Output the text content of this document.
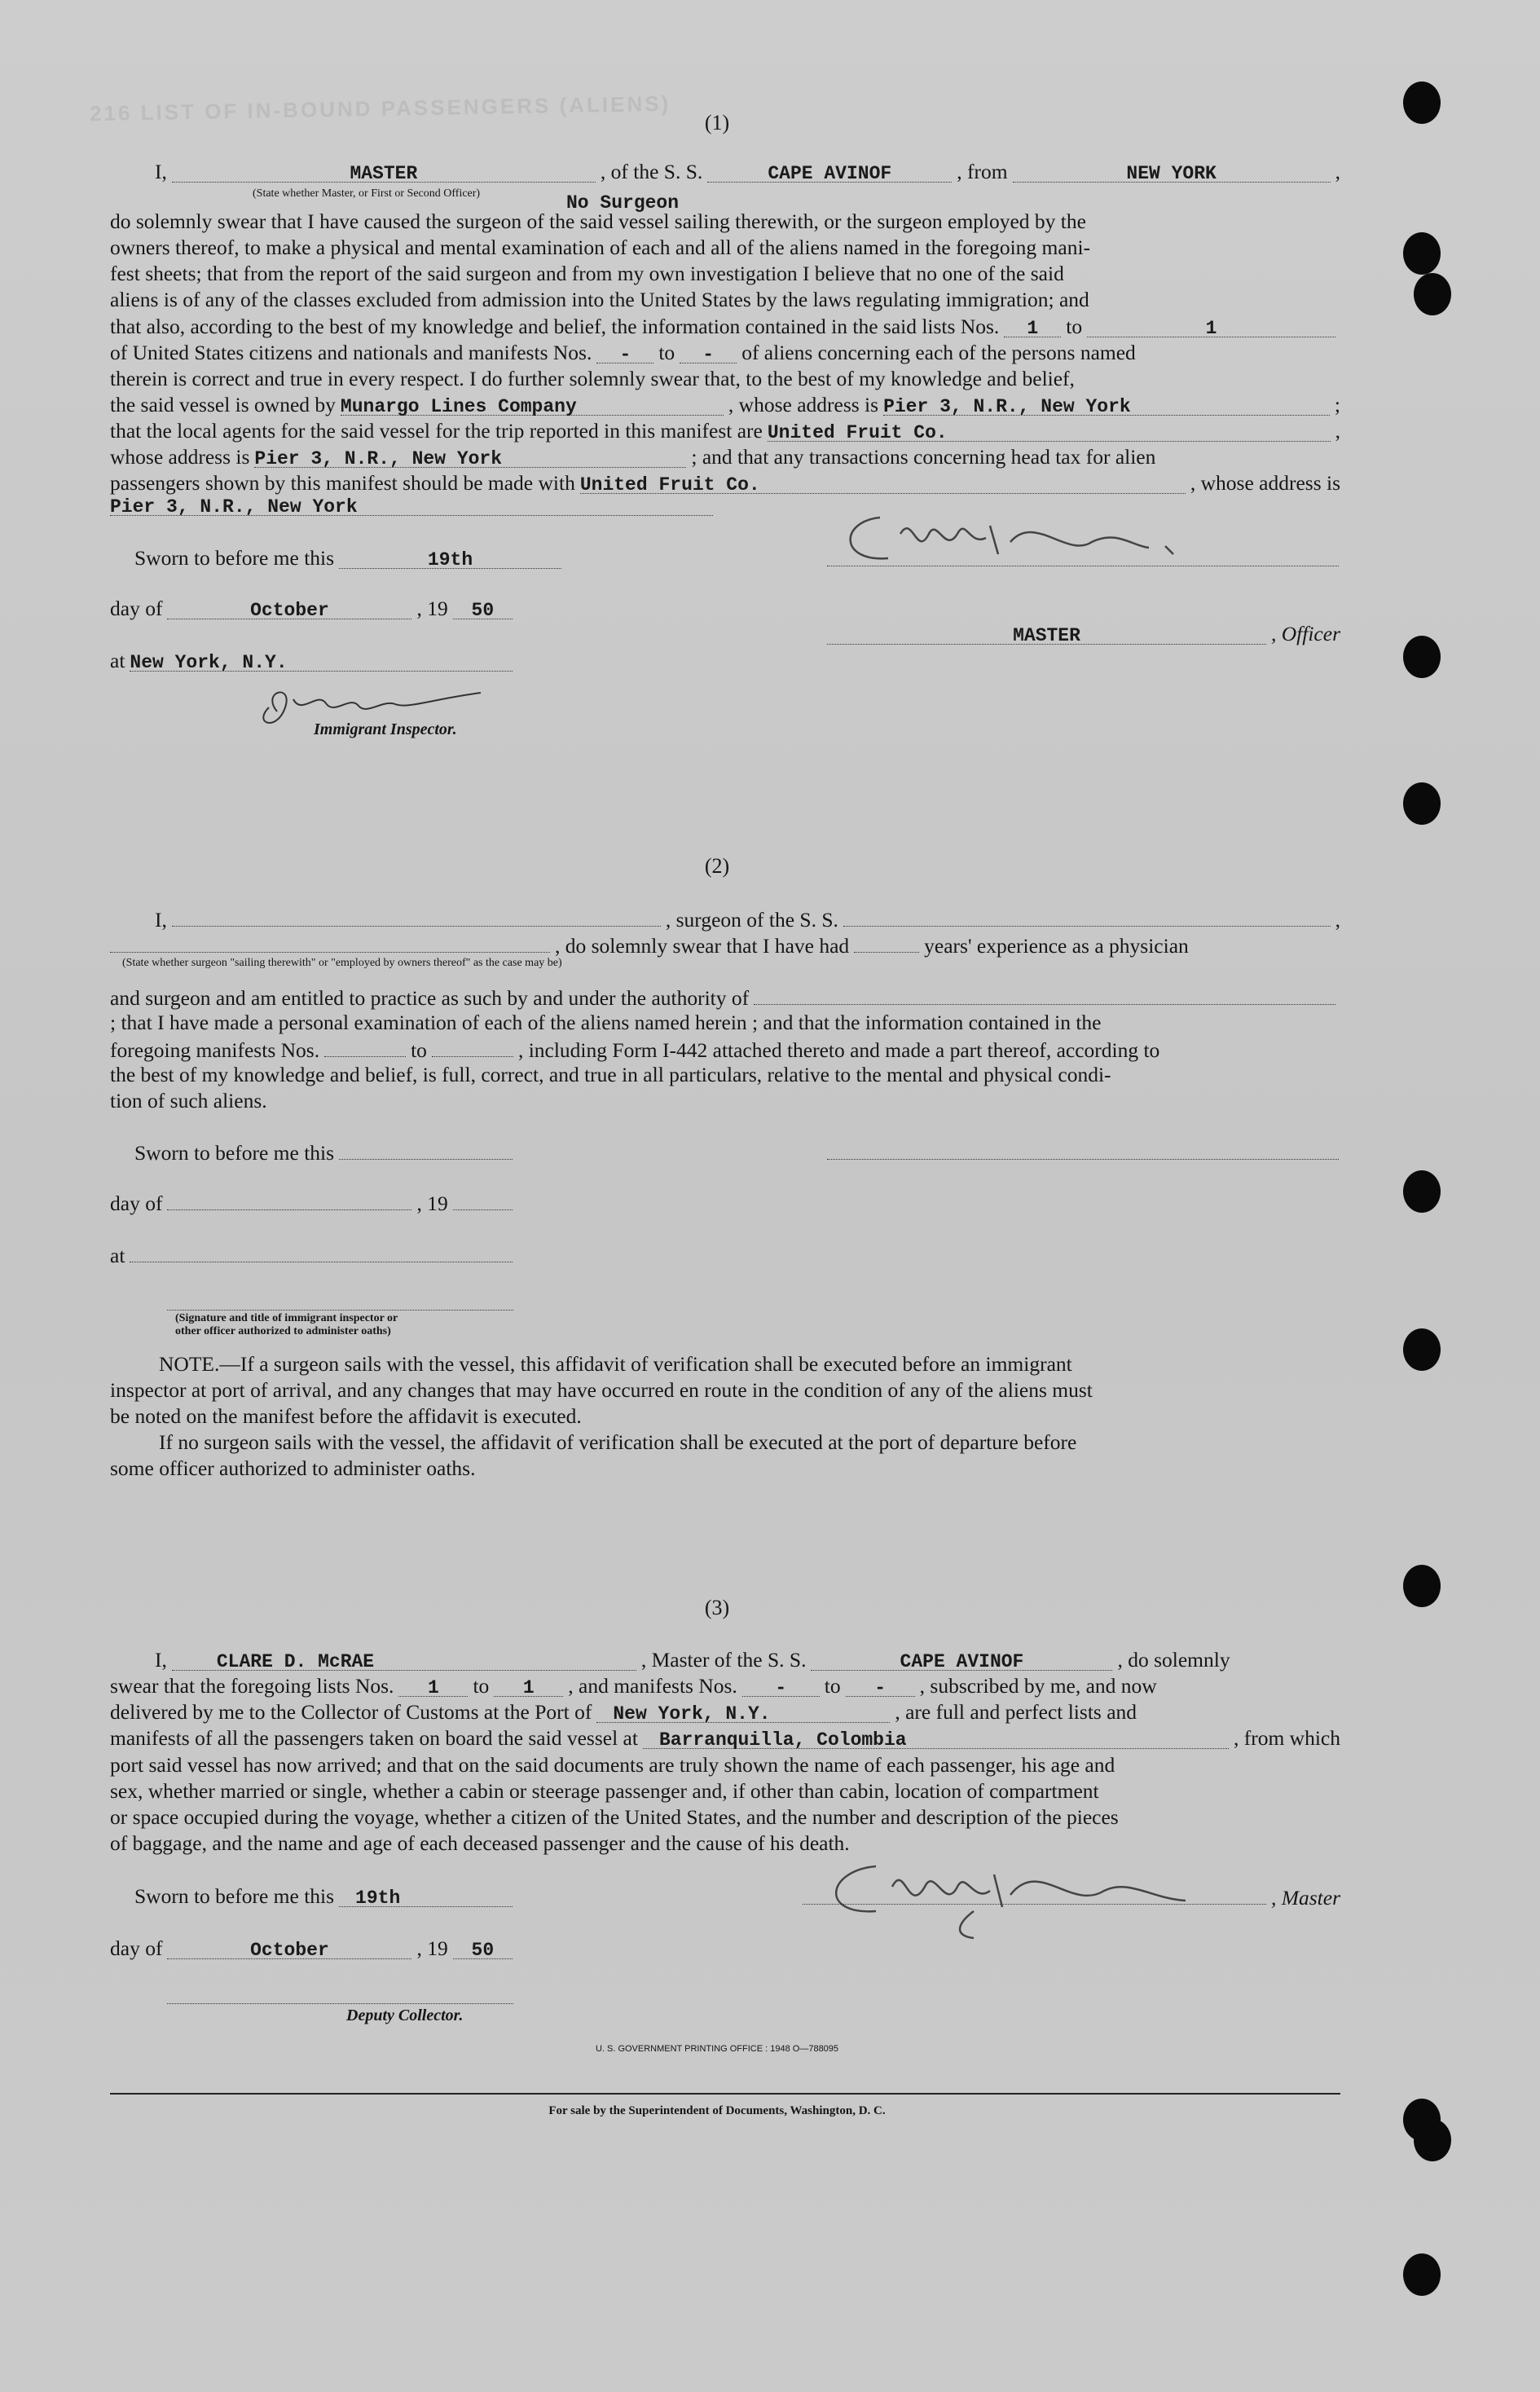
216 LIST OF IN-BOUND PASSENGERS (ALIENS)	(1)
I,	MASTER	, of the S. S.	CAPE AVINOF	, from	NEW YORK	,
(State whether Master, or First or Second Officer)	No Surgeon
do solemnly swear that I have caused the surgeon of the said vessel sailing therewith, or the surgeon employed by the
owners thereof, to make a physical and mental examination of each and all of the aliens named in the foregoing mani-
fest sheets; that from the report of the said surgeon and from my own investigation I believe that no one of the said
aliens is of any of the classes excluded from admission into the United States by the laws regulating immigration; and
that also, according to the best of my knowledge and belief, the information contained in the said lists Nos.	1	to	1
of United States citizens and nationals and manifests Nos.	-	to	-	of aliens concerning each of the persons named
therein is correct and true in every respect. I do further solemnly swear that, to the best of my knowledge and belief,
the said vessel is owned by Munargo Lines Company	, whose address is Pier 3, N.R., New York	;
that the local agents for the said vessel for the trip reported in this manifest are United Fruit Co.	,
whose address is Pier 3, N.R., New York	; and that any transactions concerning head tax for alien
passengers shown by this manifest should be made with United Fruit Co.	, whose address is
Pier 3, N.R., New York
Sworn to before me this	19th
day of	October	, 19	50
at New York, N.Y.
Immigrant Inspector.
MASTER	, Officer
(2)
I,	, surgeon of the S. S.	,
, do solemnly swear that I have had	years' experience as a physician
(State whether surgeon "sailing therewith" or "employed by owners thereof" as the case may be)
and surgeon and am entitled to practice as such by and under the authority of
; that I have made a personal examination of each of the aliens named herein ; and that the information contained in the
foregoing manifests Nos.	to	, including Form I-442 attached thereto and made a part thereof, according to
the best of my knowledge and belief, is full, correct, and true in all particulars, relative to the mental and physical condi-
tion of such aliens.
Sworn to before me this
day of	, 19
at
(Signature and title of immigrant inspector or
other officer authorized to administer oaths)
NOTE.—If a surgeon sails with the vessel, this affidavit of verification shall be executed before an immigrant
inspector at port of arrival, and any changes that may have occurred en route in the condition of any of the aliens must
be noted on the manifest before the affidavit is executed.
If no surgeon sails with the vessel, the affidavit of verification shall be executed at the port of departure before
some officer authorized to administer oaths.
(3)
I,	CLARE D. McRAE	, Master of the S. S.	CAPE AVINOF	, do solemnly
swear that the foregoing lists Nos.	1	to	1	, and manifests Nos.	-	to	-	, subscribed by me, and now
delivered by me to the Collector of Customs at the Port of	New York, N.Y.	, are full and perfect lists and
manifests of all the passengers taken on board the said vessel at	Barranquilla, Colombia	, from which
port said vessel has now arrived; and that on the said documents are truly shown the name of each passenger, his age and
sex, whether married or single, whether a cabin or steerage passenger and, if other than cabin, location of compartment
or space occupied during the voyage, whether a citizen of the United States, and the number and description of the pieces
of baggage, and the name and age of each deceased passenger and the cause of his death.
Sworn to before me this	19th	, Master
day of	October	, 19	50
Deputy Collector.
U. S. GOVERNMENT PRINTING OFFICE : 1948 O—788095
For sale by the Superintendent of Documents, Washington, D. C.
